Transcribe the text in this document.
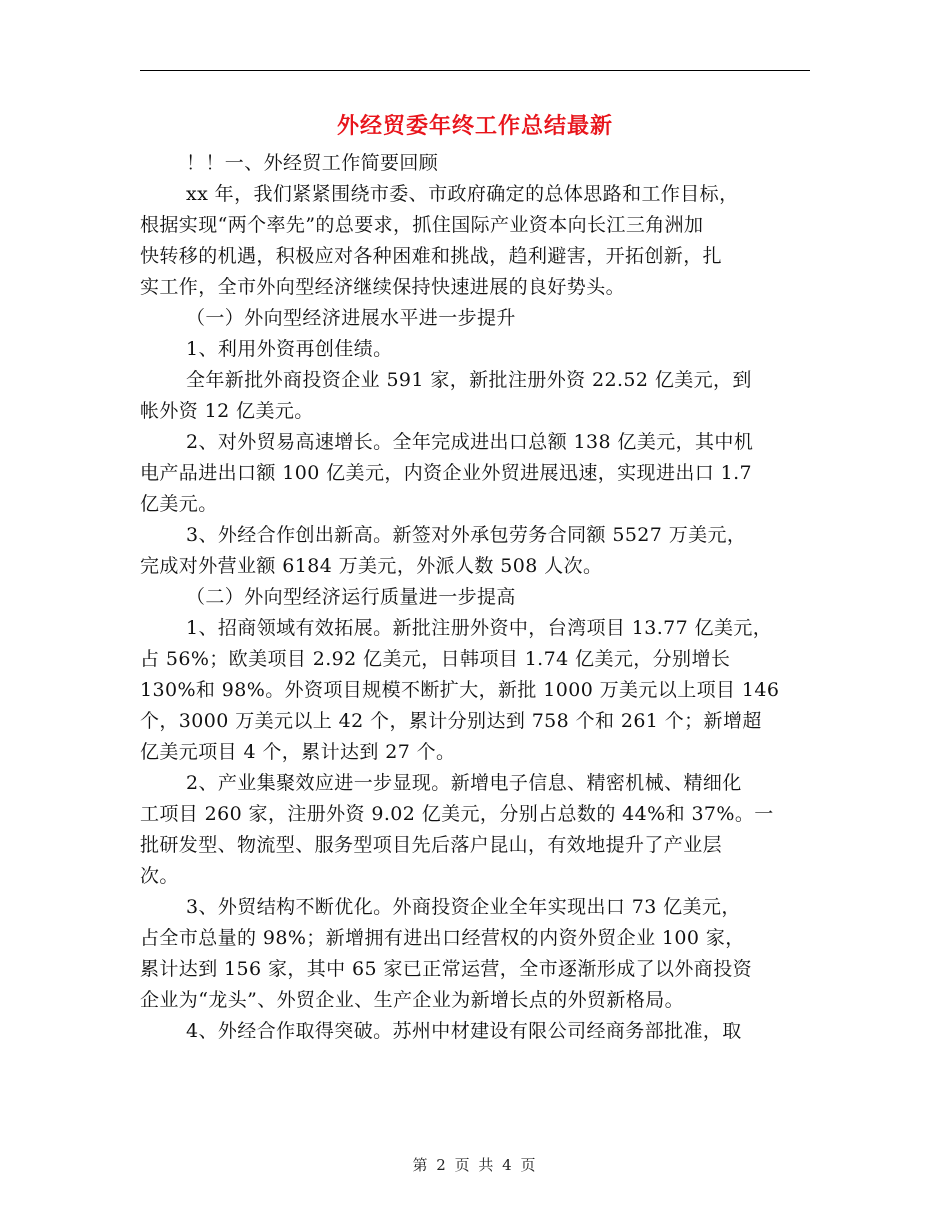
外经贸委年终工作总结最新
！！一、外经贸工作简要回顾
xx 年，我们紧紧围绕市委、市政府确定的总体思路和工作目标，
根据实现“两个率先”的总要求，抓住国际产业资本向长江三角洲加
快转移的机遇，积极应对各种困难和挑战，趋利避害，开拓创新，扎
实工作，全市外向型经济继续保持快速进展的良好势头。
（一）外向型经济进展水平进一步提升
1、利用外资再创佳绩。
全年新批外商投资企业 591 家，新批注册外资 22.52 亿美元，到
帐外资 12 亿美元。
2、对外贸易高速增长。全年完成进出口总额 138 亿美元，其中机
电产品进出口额 100 亿美元，内资企业外贸进展迅速，实现进出口 1.7
亿美元。
3、外经合作创出新高。新签对外承包劳务合同额 5527 万美元，
完成对外营业额 6184 万美元，外派人数 508 人次。
（二）外向型经济运行质量进一步提高
1、招商领域有效拓展。新批注册外资中，台湾项目 13.77 亿美元，
占 56%；欧美项目 2.92 亿美元，日韩项目 1.74 亿美元，分别增长
130%和 98%。外资项目规模不断扩大，新批 1000 万美元以上项目 146
个，3000 万美元以上 42 个，累计分别达到 758 个和 261 个；新增超
亿美元项目 4 个，累计达到 27 个。
2、产业集聚效应进一步显现。新增电子信息、精密机械、精细化
工项目 260 家，注册外资 9.02 亿美元，分别占总数的 44%和 37%。一
批研发型、物流型、服务型项目先后落户昆山，有效地提升了产业层
次。
3、外贸结构不断优化。外商投资企业全年实现出口 73 亿美元，
占全市总量的 98%；新增拥有进出口经营权的内资外贸企业 100 家，
累计达到 156 家，其中 65 家已正常运营，全市逐渐形成了以外商投资
企业为“龙头”、外贸企业、生产企业为新增长点的外贸新格局。
4、外经合作取得突破。苏州中材建设有限公司经商务部批准，取
第 2 页 共 4 页
